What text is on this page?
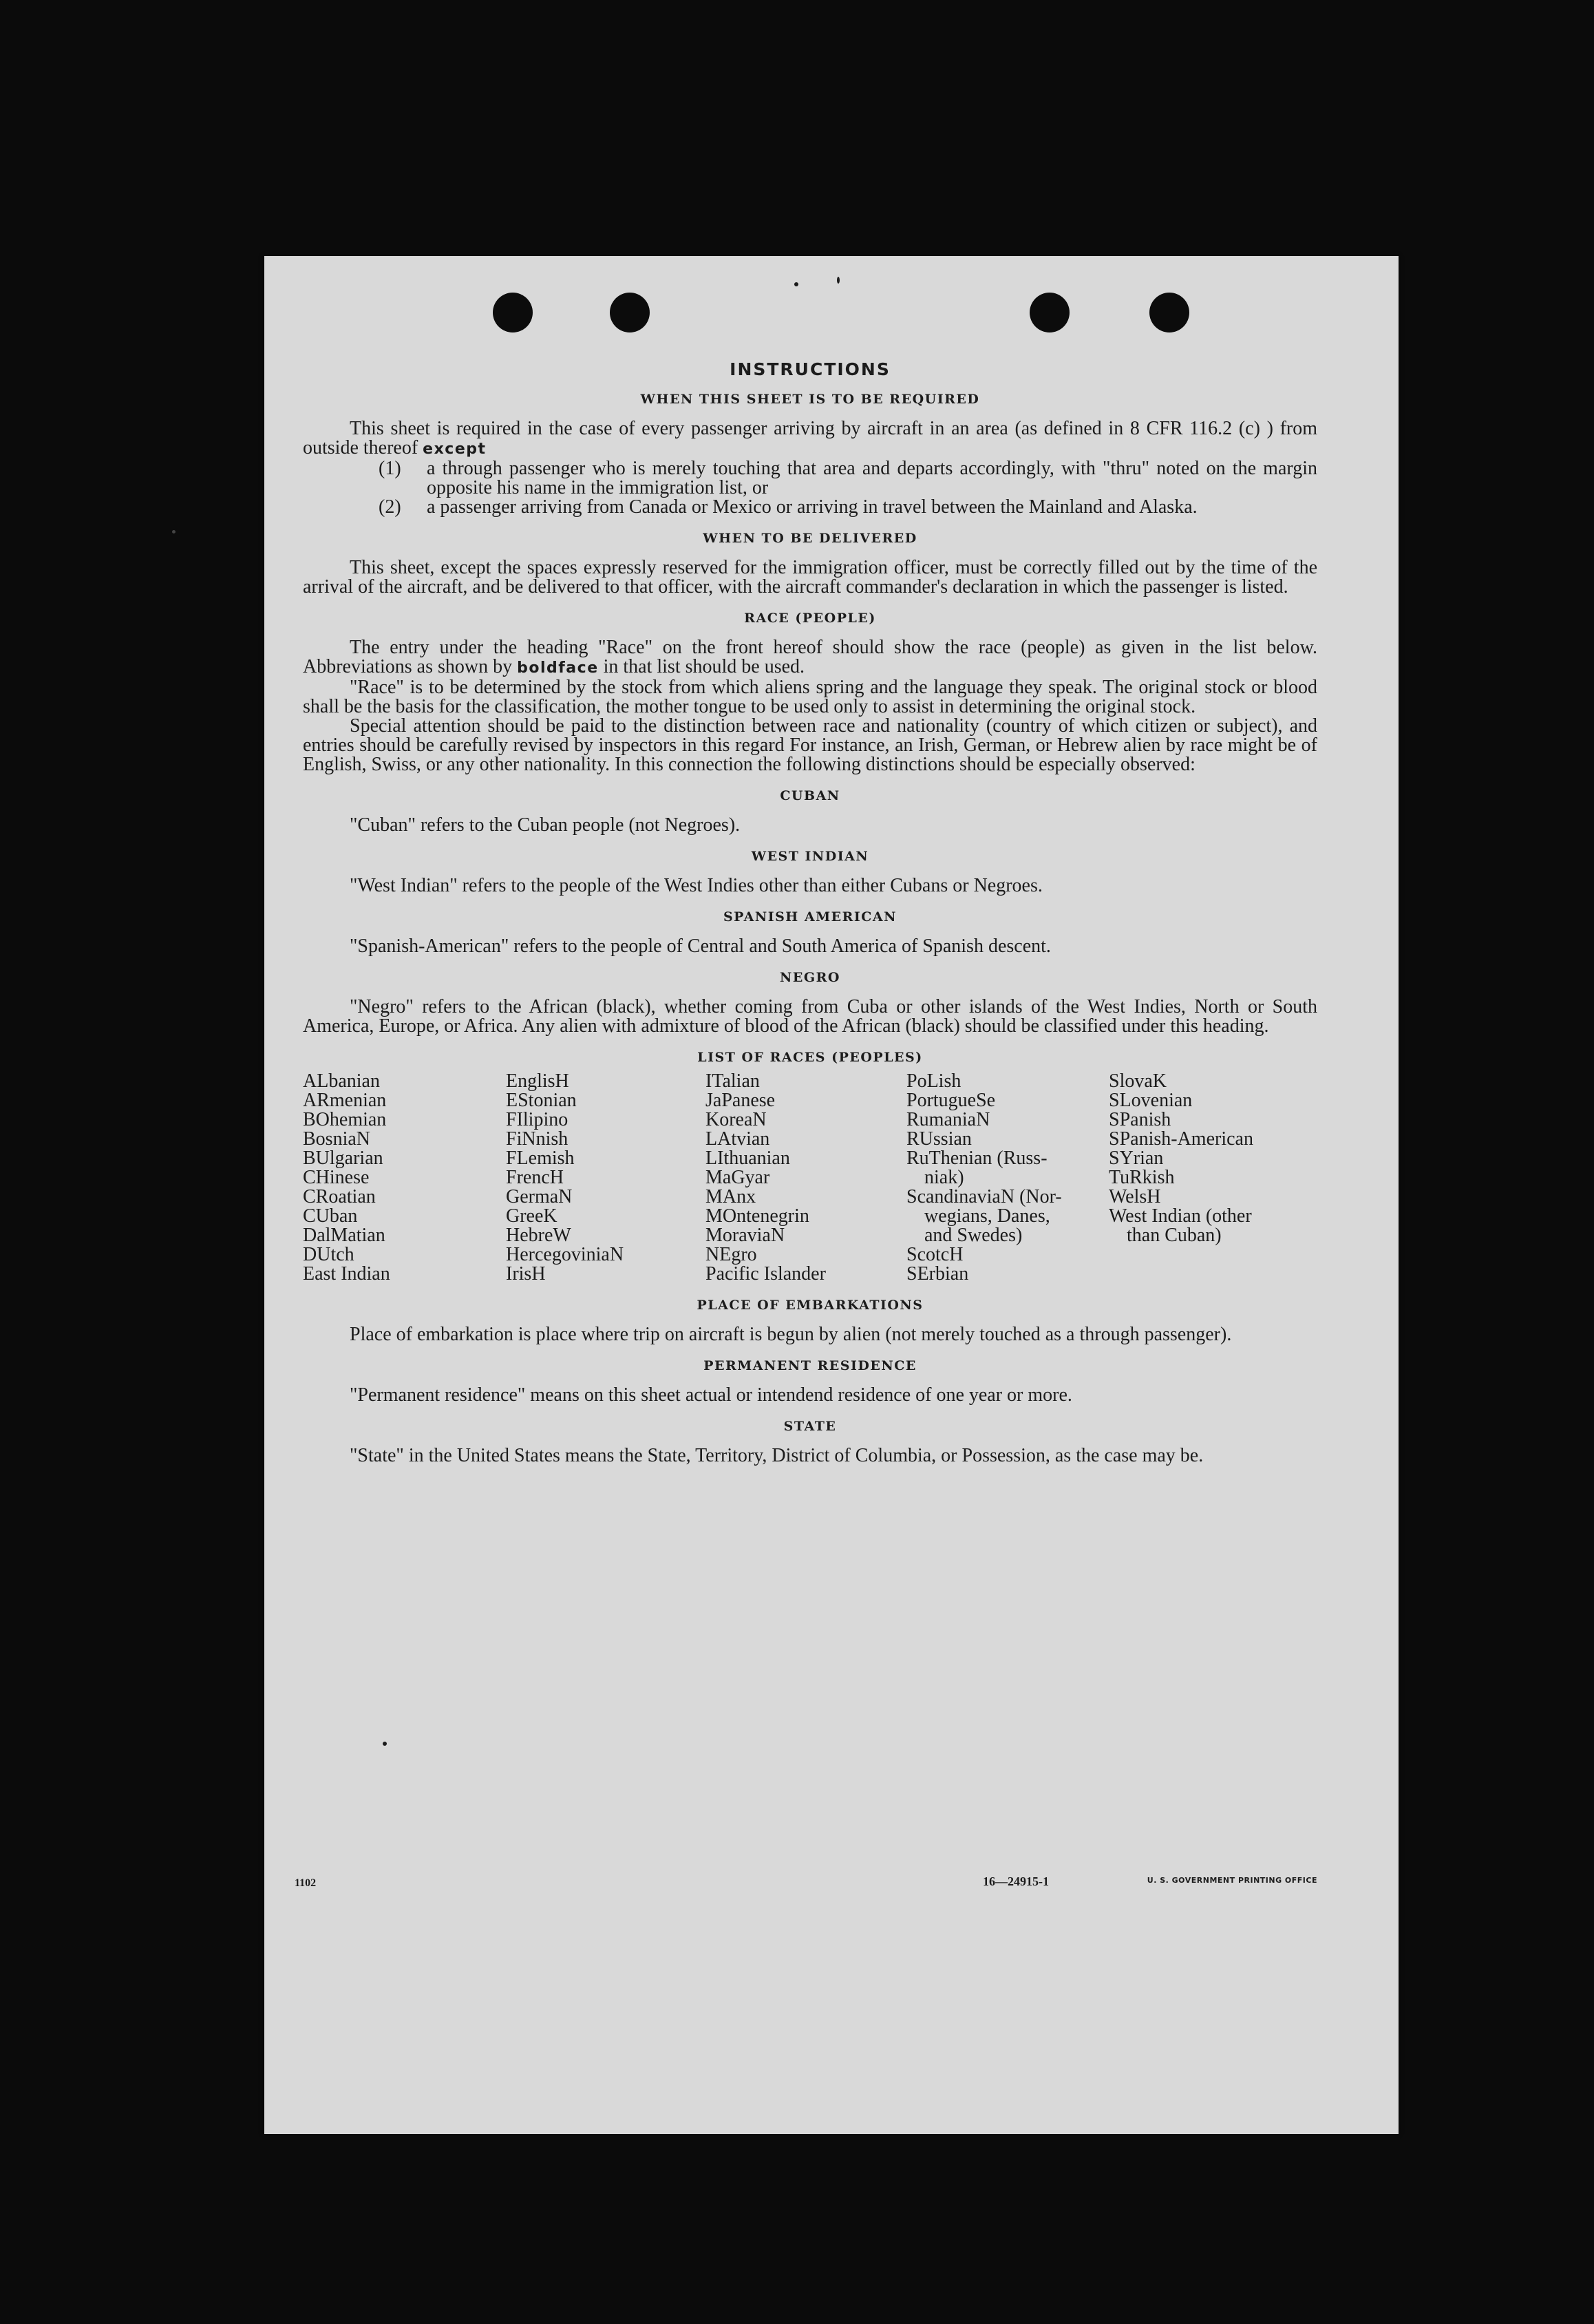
INSTRUCTIONS
WHEN THIS SHEET IS TO BE REQUIRED

This sheet is required in the case of every passenger arriving by aircraft in an area (as defined in 8 CFR 116.2 (c) ) from outside thereof except

(1) a through passenger who is merely touching that area and departs accordingly, with "thru" noted on the margin opposite his name in the immigration list, or

(2) a passenger arriving from Canada or Mexico or arriving in travel between the Mainland and Alaska.

WHEN TO BE DELIVERED

This sheet, except the spaces expressly reserved for the immigration officer, must be correctly filled out by the time of the arrival of the aircraft, and be delivered to that officer, with the aircraft commander's declaration in which the passenger is listed.

RACE (PEOPLE)

The entry under the heading "Race" on the front hereof should show the race (people) as given in the list below. Abbreviations as shown by boldface in that list should be used.

"Race" is to be determined by the stock from which aliens spring and the language they speak. The original stock or blood shall be the basis for the classification, the mother tongue to be used only to assist in determining the original stock.

Special attention should be paid to the distinction between race and nationality (country of which citizen or subject), and entries should be carefully revised by inspectors in this regard For instance, an Irish, German, or Hebrew alien by race might be of English, Swiss, or any other nationality. In this connection the following distinctions should be especially observed:

CUBAN

"Cuban" refers to the Cuban people (not Negroes).

WEST INDIAN

"West Indian" refers to the people of the West Indies other than either Cubans or Negroes.

SPANISH AMERICAN

"Spanish-American" refers to the people of Central and South America of Spanish descent.

NEGRO

"Negro" refers to the African (black), whether coming from Cuba or other islands of the West Indies, North or South America, Europe, or Africa. Any alien with admixture of blood of the African (black) should be classified under this heading.

LIST OF RACES (PEOPLES)
ALbanian
ARmenian
BOhemian
BosniaN
BUlgarian
CHinese
CRoatian
CUban
DalMatian
DUtch
East Indian
EnglisH
EStonian
FIlipino
FiNnish
FLemish
FrencH
GermaN
GreeK
HebreW
HercegoviniaN
IrisH
ITalian
JaPanese
KoreaN
LAtvian
LIthuanian
MaGyar
MAnx
MOntenegrin
MoraviaN
NEgro
Pacific Islander
PoLish
PortugueSe
RumaniaN
RUssian
RuThenian (Russ-
niak)
ScandinaviaN (Nor-
wegians, Danes,
and Swedes)
ScotcH
SErbian
SlovaK
SLovenian
SPanish
SPanish-American
SYrian
TuRkish
WelsH
West Indian (other
than Cuban)
PLACE OF EMBARKATIONS

Place of embarkation is place where trip on aircraft is begun by alien (not merely touched as a through passenger).

PERMANENT RESIDENCE

"Permanent residence" means on this sheet actual or intendend residence of one year or more.

STATE

"State" in the United States means the State, Territory, District of Columbia, or Possession, as the case may be.

1102	16—24915-1	U. S. GOVERNMENT PRINTING OFFICE
